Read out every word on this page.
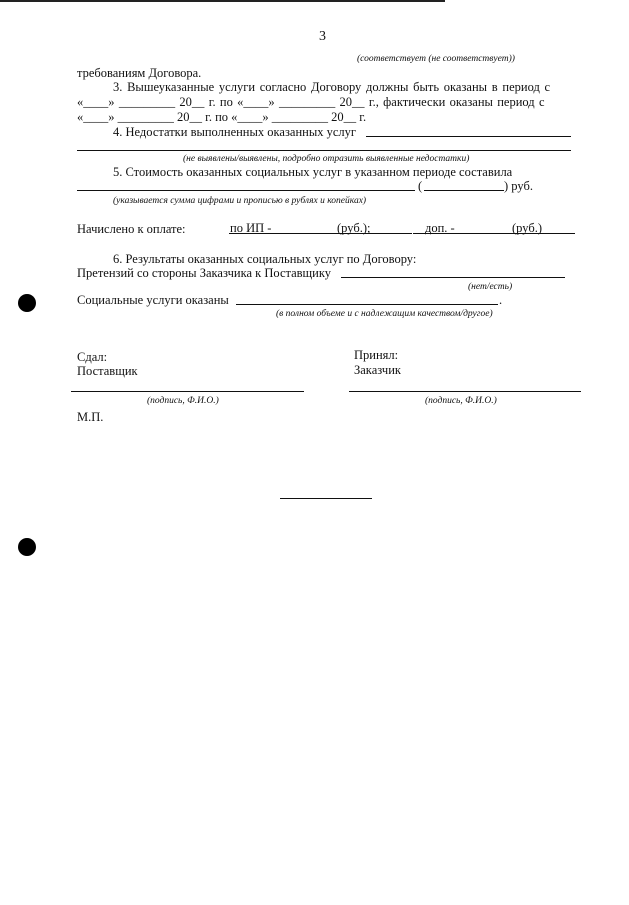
3
(соответствует (не соответствует))
требованиям Договора.
3. Вышеуказанные услуги согласно Договору должны быть оказаны в период с
«____» _________ 20__ г. по «____» _________ 20__ г., фактически оказаны период с
«____» _________ 20__ г. по «____» _________ 20__ г.
4. Недостатки выполненных оказанных услуг
(не выявлены/выявлены, подробно отразить выявленные недостатки)
5. Стоимость оказанных социальных услуг в указанном периоде составила
(	) руб.
(указывается сумма цифрами и прописью в рублях и копейках)
Начислено к оплате:	по ИП -	(руб.);	доп. -	(руб.)
6. Результаты оказанных социальных услуг по Договору:
Претензий со стороны Заказчика к Поставщику
(нет/есть)
Социальные услуги оказаны	.
(в полном объеме и с надлежащим качеством/другое)
Сдал:
Поставщик
Принял:
Заказчик
(подпись, Ф.И.О.)	(подпись, Ф.И.О.)
М.П.
